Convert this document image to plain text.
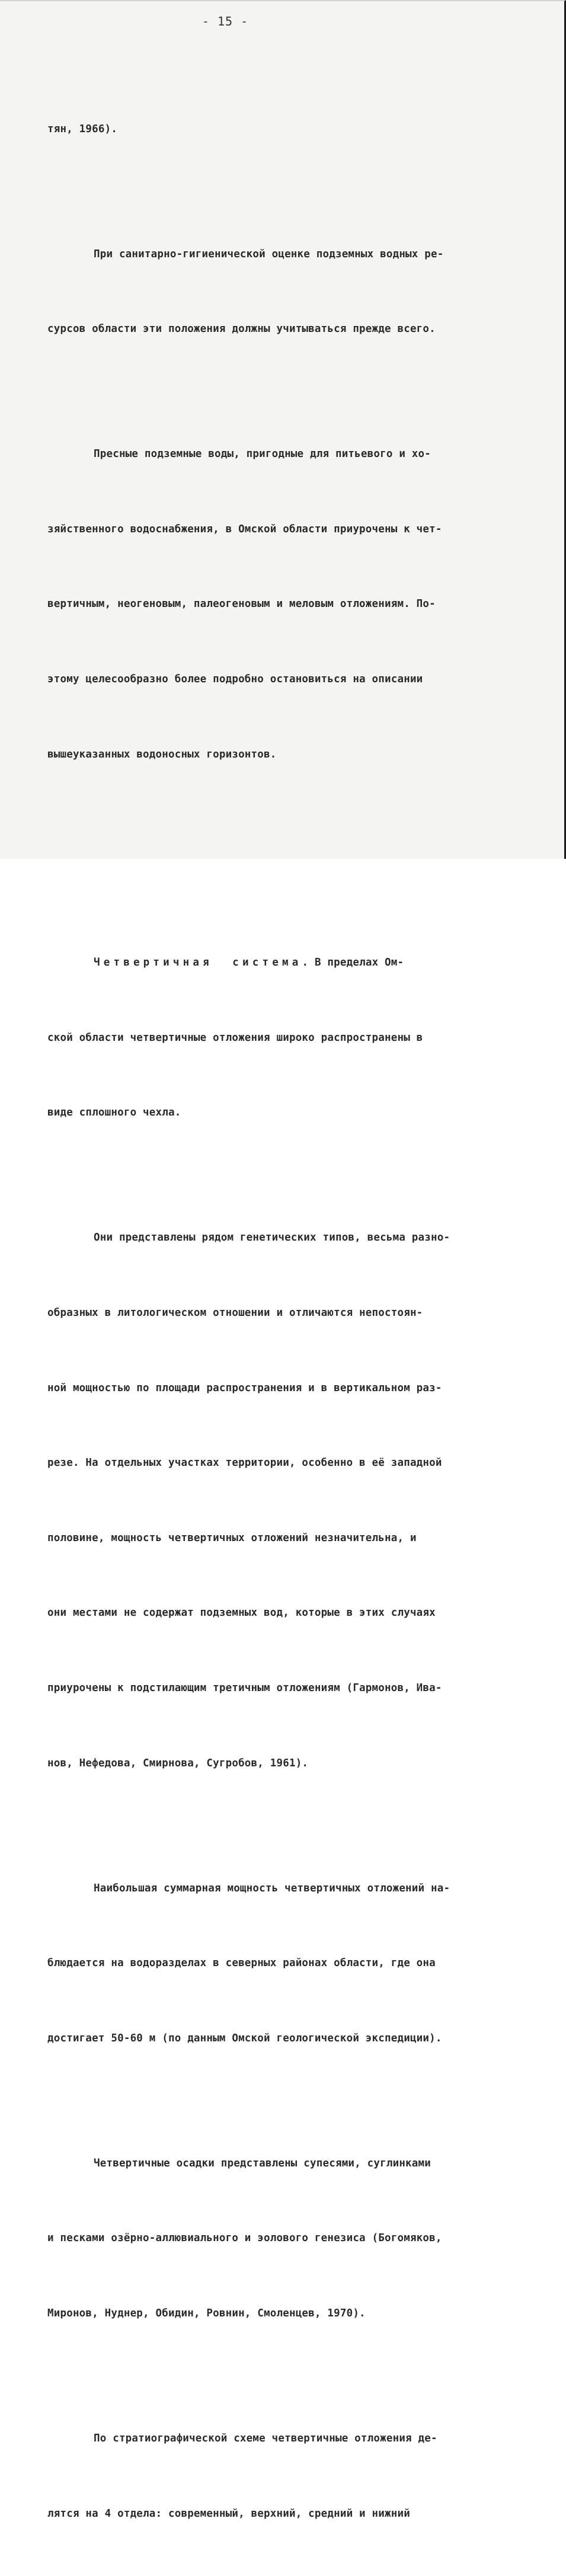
- 15 -

тян, 1966).

При санитарно-гигиенической оценке подземных водных ре-

сурсов области эти положения должны учитываться прежде всего.

Пресные подземные воды, пригодные для питьевого и хо-

зяйственного водоснабжения, в Омской области приурочены к чет-

вертичным, неогеновым, палеогеновым и меловым отложениям. По-

этому целесообразно более подробно остановиться на описании

вышеуказанных водоносных горизонтов.

Четвертичная  система. В пределах Ом-

ской области четвертичные отложения широко распространены в

виде сплошного чехла.

Они представлены рядом генетических типов, весьма разно-

образных в литологическом отношении и отличаются непостоян-

ной мощностью по площади распространения и в вертикальном раз-

резе. На отдельных участках территории, особенно в её западной

половине, мощность четвертичных отложений незначительна, и

они местами не содержат подземных вод, которые в этих случаях

приурочены к подстилающим третичным отложениям (Гармонов, Ива-

нов, Нефедова, Смирнова, Сугробов, 1961).

Наибольшая суммарная мощность четвертичных отложений на-

блюдается на водоразделах в северных районах области, где она

достигает 50-60 м (по данным Омской геологической экспедиции).

Четвертичные осадки представлены супесями, суглинками

и песками озёрно-аллювиального и эолового генезиса (Богомяков,

Миронов, Нуднер, Обидин, Ровнин, Смоленцев, 1970).

По стратиографической схеме четвертичные отложения де-

лятся на 4 отдела: современный, верхний, средний и нижний
